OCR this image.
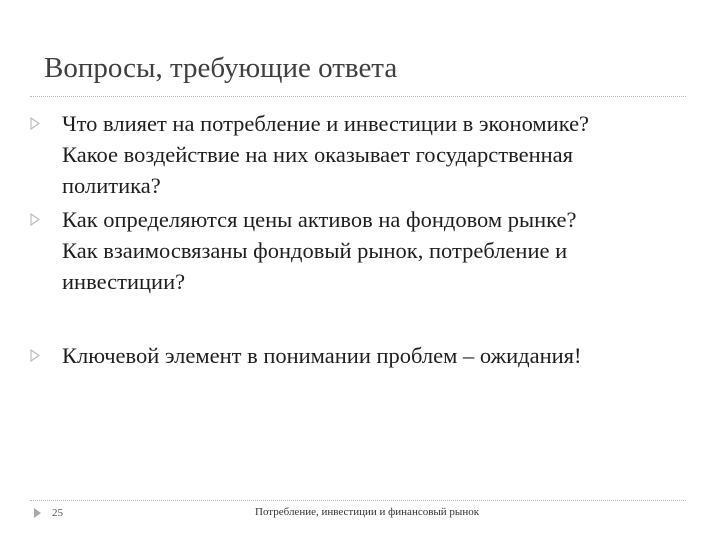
Вопросы, требующие ответа
Что влияет на потребление и инвестиции в экономике?
Какое воздействие на них оказывает государственная
политика?
Как определяются цены активов на фондовом рынке?
Как взаимосвязаны фондовый рынок, потребление и
инвестиции?
Ключевой элемент в понимании проблем – ожидания!
25	Потребление, инвестиции и финансовый рынок
